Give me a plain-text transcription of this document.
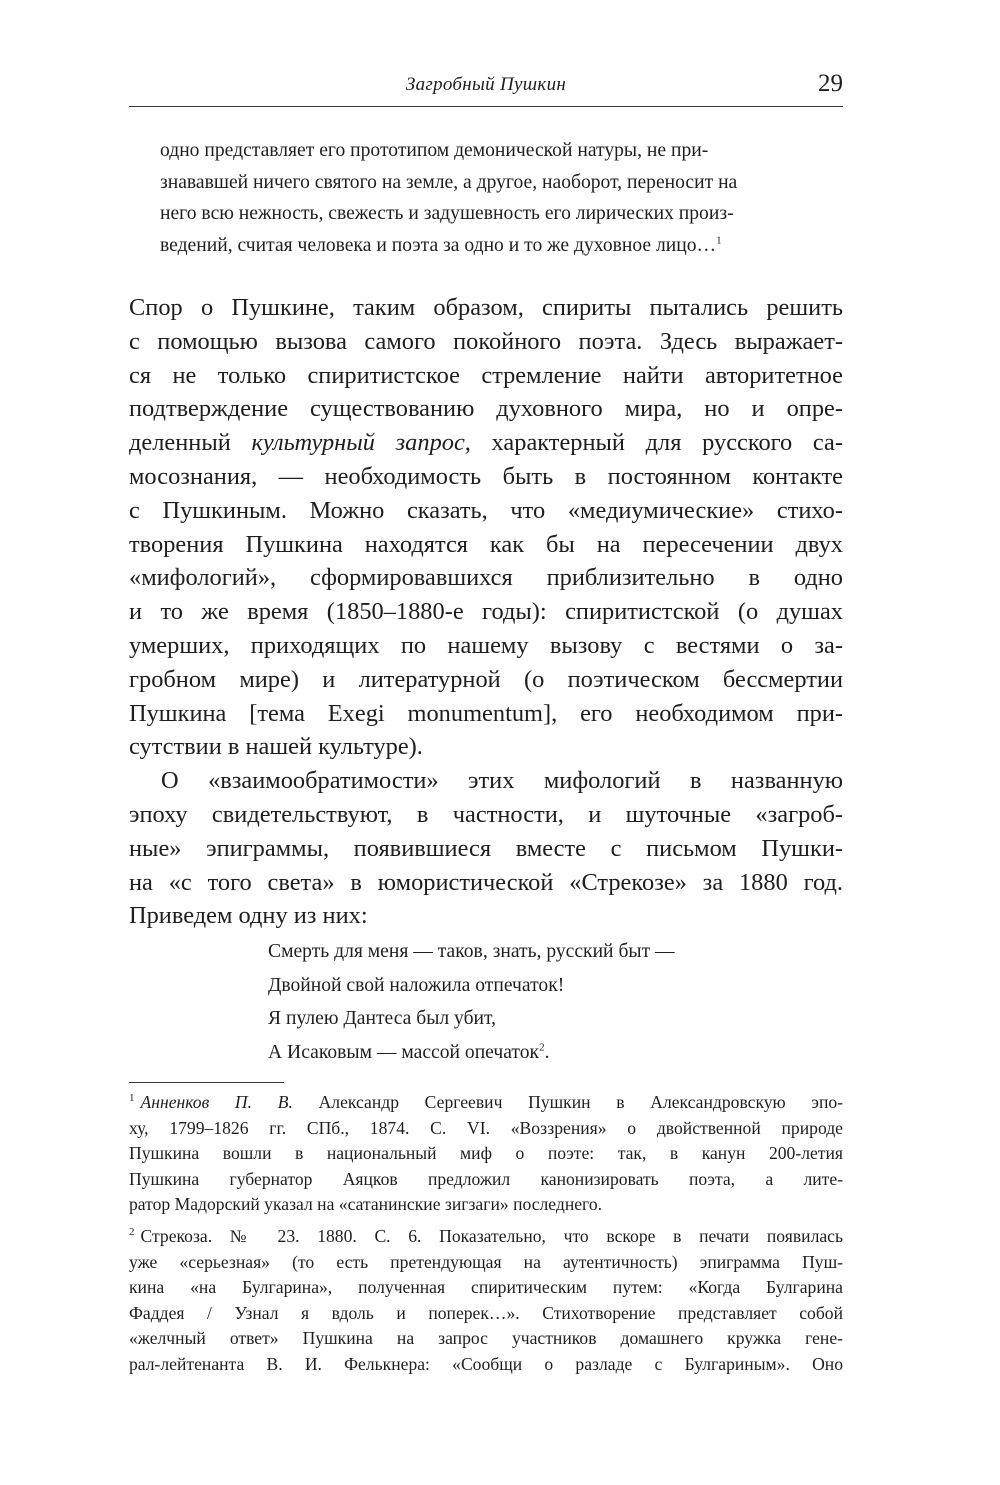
Загробный Пушкин	29
одно представляет его прототипом демонической натуры, не при-
знававшей ничего святого на земле, а другое, наоборот, переносит на
него всю нежность, свежесть и задушевность его лирических произ-
ведений, считая человека и поэта за одно и то же духовное лицо…$^1$
Спор о Пушкине, таким образом, спириты пытались решить
с помощью вызова самого покойного поэта. Здесь выражает-
ся не только спиритистское стремление найти авторитетное
подтверждение существованию духовного мира, но и опре-
деленный культурный запрос, характерный для русского са-
мосознания, — необходимость быть в постоянном контакте
с Пушкиным. Можно сказать, что «медиумические» стихо-
творения Пушкина находятся как бы на пересечении двух
«мифологий», сформировавшихся приблизительно в одно
и то же время (1850–1880-е годы): спиритистской (о душах
умерших, приходящих по нашему вызову с вестями о за-
гробном мире) и литературной (о поэтическом бессмертии
Пушкина [тема Exegi monumentum], его необходимом при-
сутствии в нашей культуре).
О «взаимообратимости» этих мифологий в названную
эпоху свидетельствуют, в частности, и шуточные «загроб-
ные» эпиграммы, появившиеся вместе с письмом Пушки-
на «с того света» в юмористической «Стрекозе» за 1880 год.
Приведем одну из них:
Смерть для меня — таков, знать, русский быт —
Двойной свой наложила отпечаток!
Я пулею Дантеса был убит,
А Исаковым — массой опечаток$^2$.
$^1$ Анненков П. В. Александр Сергеевич Пушкин в Александровскую эпо-
ху, 1799–1826 гг. СПб., 1874. С. VI. «Воззрения» о двойственной природе
Пушкина вошли в национальный миф о поэте: так, в канун 200-летия
Пушкина губернатор Аяцков предложил канонизировать поэта, а лите-
ратор Мадорский указал на «сатанинские зигзаги» последнего.
$^2$ Стрекоза. № 23. 1880. С. 6. Показательно, что вскоре в печати появилась
уже «серьезная» (то есть претендующая на аутентичность) эпиграмма Пуш-
кина «на Булгарина», полученная спиритическим путем: «Когда Булгарина
Фаддея / Узнал я вдоль и поперек…». Стихотворение представляет собой
«желчный ответ» Пушкина на запрос участников домашнего кружка гене-
рал-лейтенанта В. И. Фелькнера: «Сообщи о разладе с Булгариным». Оно
